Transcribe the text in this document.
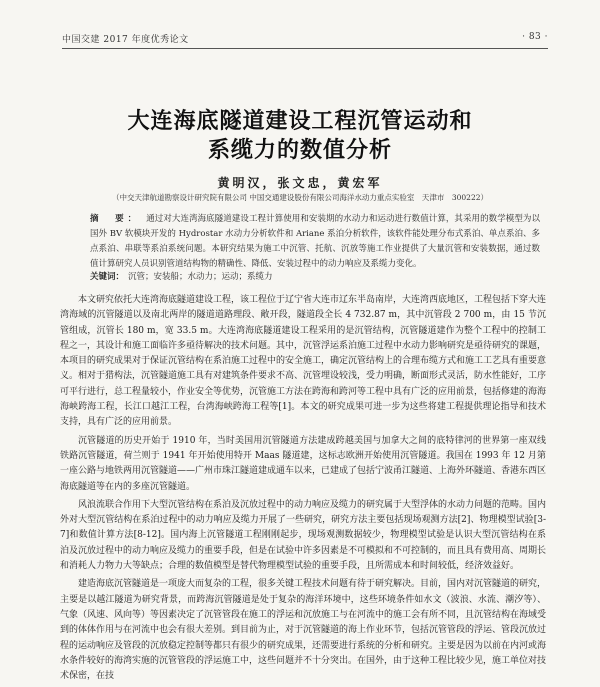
中国交建 2017 年度优秀论文	· 83 ·
大连海底隧道建设工程沉管运动和
系缆力的数值分析
黄明汉，张文忠，黄宏军
（中交天津航道勘察设计研究院有限公司 中国交通建设股份有限公司海洋水动力重点实验室　天津市　300222）
摘　要： 通过对大连湾海底隧道建设工程计算使用和安装期的水动力和运动进行数值计算，其采用的数学模型为以国外 BV 软模块开发的 Hydrostar 水动力分析软件和 Ariane 系泊分析软件，该软件能处理分布式系泊、单点系泊、多点系泊、串联等系泊系统问题。本研究结果为施工中沉管、托航、沉放等施工作业提供了大量沉管和安装数据，通过数值计算研究人员识别管道结构物的精确性、降低、安装过程中的动力响应及系缆力变化。
关键词： 沉管；安装船；水动力；运动；系缆力

本文研究依托大连湾海底隧道建设工程，该工程位于辽宁省大连市辽东半岛南岸，大连湾西底地区，工程包括下穿大连湾海域的沉管隧道以及南北两岸的隧道道路理段、敞开段，隧道段全长 4 732.87 m，其中沉管段 2 700 m，由 15 节沉管组成，沉管长 180 m，宽 33.5 m。大连湾海底隧道建设工程采用的是沉管结构，沉管隧道建作为整个工程中的控制工程之一，其设计和施工面临许多亟待解决的技术问题。其中，沉管浮运系泊施工过程中水动力影响研究是亟待研究的课题，本项目的研究成果对于保证沉管结构在系泊施工过程中的安全施工，确定沉管结构上的合理布缆方式和施工工艺具有重要意义。相对于猎构法，沉管隧道施工具有对建筑条件要求不高、沉管埋设较浅，受力明确，断面形式灵活，防水性能好，工序可平行进行，总工程量较小，作业安全等优势，沉管施工方法在跨海和跨河等工程中具有广泛的应用前景，包括修建的海海海峡跨海工程，长江口越江工程，台湾海峡跨海工程等[1]。本文的研究成果可进一步为这些将建工程提供理论指导和技术支持，具有广泛的应用前景。

沉管隧道的历史开始于 1910 年，当时美国用沉管隧道方法建成跨越美国与加拿大之间的底特律河的世界第一座双线铁路沉管隧道，荷兰则于 1941 年开始使用特开 Maas 隧道建，这标志欧洲开始使用沉管隧道。我国在 1993 年 12 月第一座公路与地铁两用沉管隧道——广州市珠江隧道建成通车以来，已建成了包括宁波甬江隧道、上海外环隧道、香港东西区海底隧道等在内的多座沉管隧道。

风浪流联合作用下大型沉管结构在系泊及沉放过程中的动力响应及缆力的研究属于大型浮体的水动力问题的范畴。国内外对大型沉管结构在系泊过程中的动力响应及缆力开展了一些研究，研究方法主要包括现场观测方法[2]、物理模型试验[3-7]和数值计算方法[8-12]。国内海上沉管隧道工程刚刚起步，现场观测数据较少，物理模型试验是认识大型沉管结构在系泊及沉放过程中的动力响应及缆力的重要手段，但是在试验中许多因素是不可模拟和不可控制的，而且具有费用高、周期长和消耗人力物力大等缺点；合理的数值模型是替代物理模型试验的重要手段，且所需成本和时间较低，经济效益好。

建造海底沉管隧道是一项庞大而复杂的工程，很多关键工程技术问题有待于研究解决。目前，国内对沉管隧道的研究，主要是以越江隧道为研究背景，而跨海沉管隧道是处于复杂的海洋环境中，这些环境条件如水文（波浪、水流、潮汐等）、气象（风速、风向等）等因素决定了沉管管段在施工的浮运和沉放施工与在河流中的施工会有所不同，且沉管结构在海域受到的体体作用与在河流中也会有很大差别。到目前为止，对于沉管隧道的海上作业环节，包括沉管管段的浮运、管段沉放过程的运动响应及管段的沉放稳定控制等都只有很少的研究成果，还需要进行系统的分析和研究。主要是因为以前在内河或海水条件较好的海湾实施的沉管管段的浮运施工中，这些问题并不十分突出。在国外，由于这种工程比较少见，施工单位对技术保密，在技
